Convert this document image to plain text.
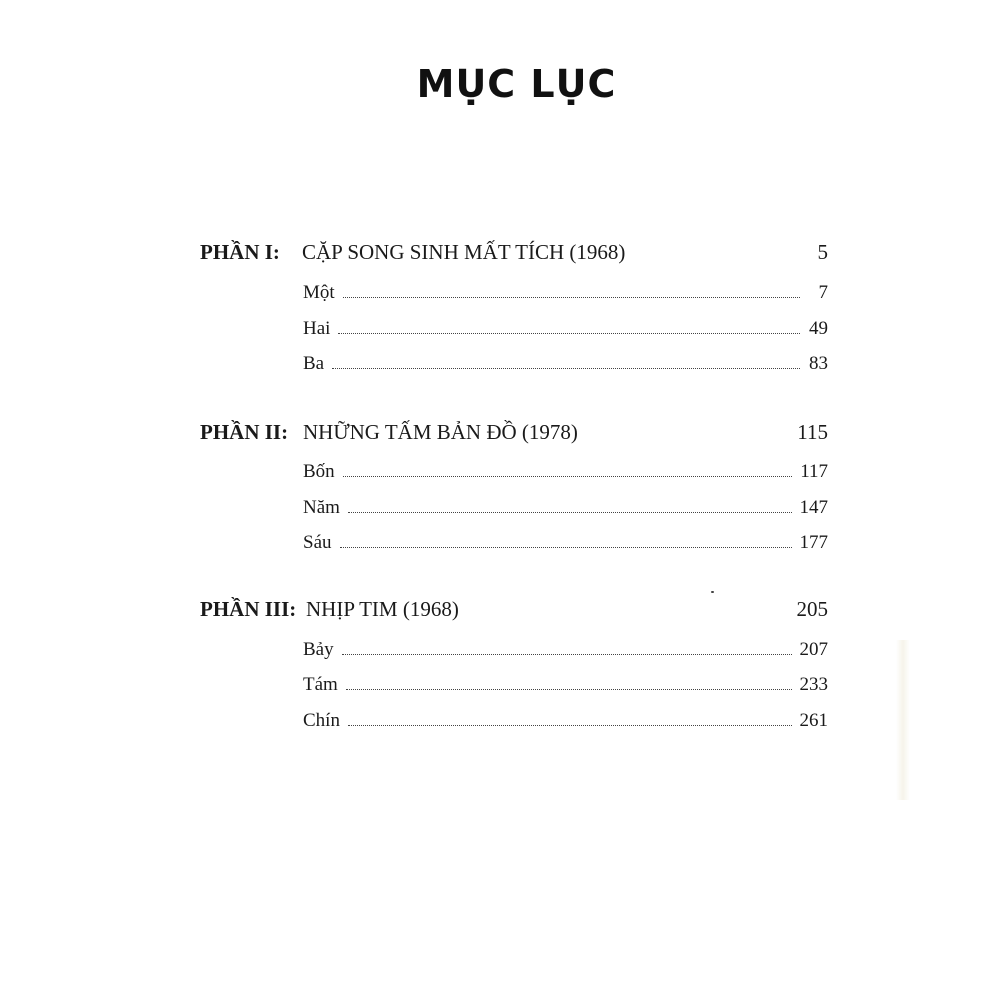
MỤC LỤC
PHẦN I: CẶP SONG SINH MẤT TÍCH (1968)	5
Một	7
Hai	49
Ba	83
PHẦN II: NHỮNG TẤM BẢN ĐỒ (1978)	115
Bốn	117
Năm	147
Sáu	177
PHẦN III: NHỊP TIM (1968)	205
Bảy	207
Tám	233
Chín	261
